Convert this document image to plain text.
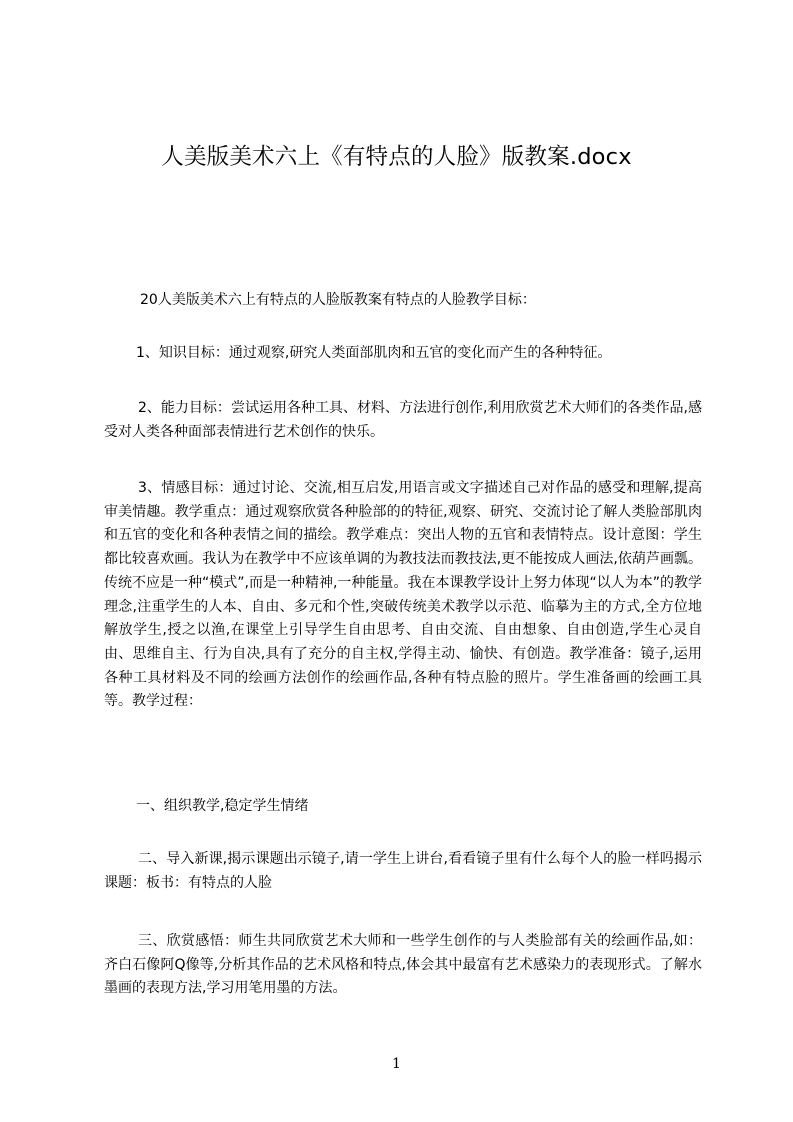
人美版美术六上《有特点的人脸》版教案.docx

20人美版美术六上有特点的人脸版教案有特点的人脸教学目标：

1、知识目标：通过观察,研究人类面部肌肉和五官的变化而产生的各种特征。

2、能力目标：尝试运用各种工具、材料、方法进行创作,利用欣赏艺术大师们的各类作品,感受对人类各种面部表情进行艺术创作的快乐。

3、情感目标：通过讨论、交流,相互启发,用语言或文字描述自己对作品的感受和理解,提高审美情趣。教学重点：通过观察欣赏各种脸部的的特征,观察、研究、交流讨论了解人类脸部肌肉和五官的变化和各种表情之间的描绘。教学难点：突出人物的五官和表情特点。设计意图：学生都比较喜欢画。我认为在教学中不应该单调的为教技法而教技法,更不能按成人画法,依葫芦画瓢。传统不应是一种“模式”,而是一种精神,一种能量。我在本课教学设计上努力体现“以人为本”的教学理念,注重学生的人本、自由、多元和个性,突破传统美术教学以示范、临摹为主的方式,全方位地解放学生,授之以渔,在课堂上引导学生自由思考、自由交流、自由想象、自由创造,学生心灵自由、思维自主、行为自决,具有了充分的自主权,学得主动、愉快、有创造。教学准备：镜子,运用各种工具材料及不同的绘画方法创作的绘画作品,各种有特点脸的照片。学生准备画的绘画工具等。教学过程：

一、组织教学,稳定学生情绪

二、导入新课,揭示课题出示镜子,请一学生上讲台,看看镜子里有什么每个人的脸一样吗揭示课题：板书：有特点的人脸

三、欣赏感悟：师生共同欣赏艺术大师和一些学生创作的与人类脸部有关的绘画作品,如：齐白石像阿Q像等,分析其作品的艺术风格和特点,体会其中最富有艺术感染力的表现形式。了解水墨画的表现方法,学习用笔用墨的方法。

1
